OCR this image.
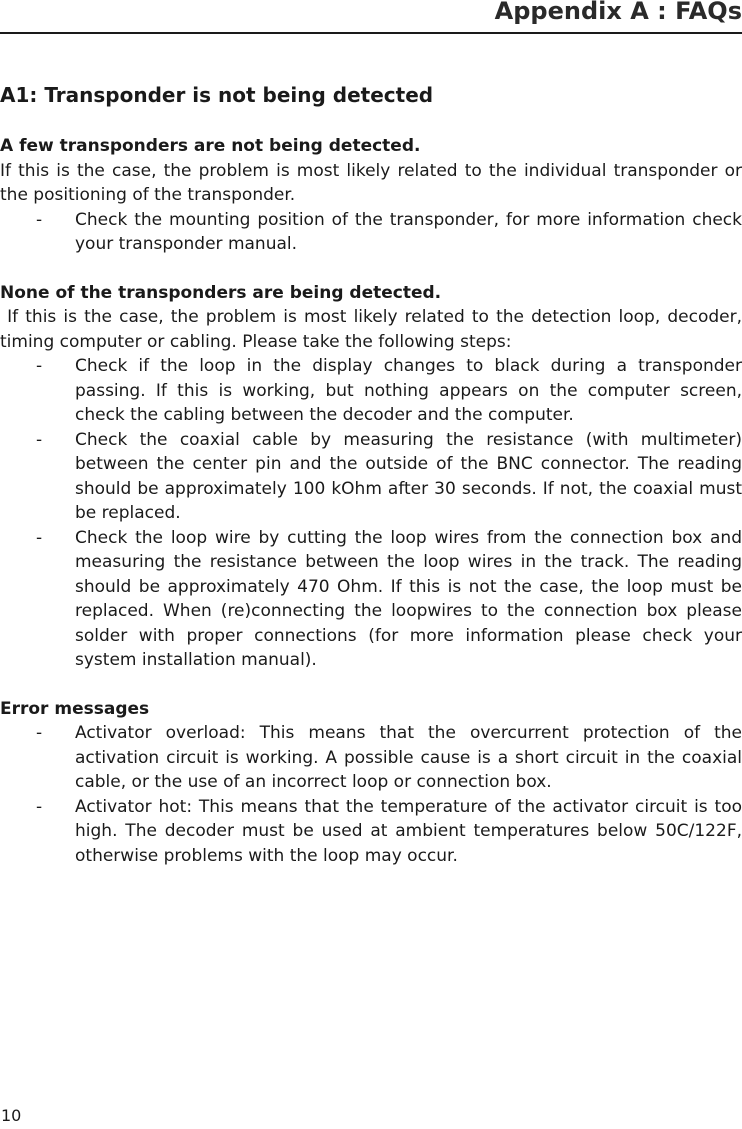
Appendix A : FAQs
A1: Transponder is not being detected
A few transponders are not being detected.

If this is the case, the problem is most likely related to the individual transponder or the positioning of the transponder.

- Check the mounting position of the transponder, for more information check your transponder manual.
None of the transponders are being detected.

If this is the case, the problem is most likely related to the detection loop, decoder, timing computer or cabling. Please take the following steps:

- Check if the loop in the display changes to black during a transponder passing. If this is working, but nothing appears on the computer screen, check the cabling between the decoder and the computer.
- Check the coaxial cable by measuring the resistance (with multimeter) between the center pin and the outside of the BNC connector. The reading should be approximately 100 kOhm after 30 seconds. If not, the coaxial must be replaced.
- Check the loop wire by cutting the loop wires from the connection box and measuring the resistance between the loop wires in the track. The reading should be approximately 470 Ohm. If this is not the case, the loop must be replaced. When (re)connecting the loopwires to the connection box please solder with proper connections (for more information please check your system installation manual).
Error messages
- Activator overload: This means that the overcurrent protection of the activation circuit is working. A possible cause is a short circuit in the coaxial cable, or the use of an incorrect loop or connection box.
- Activator hot: This means that the temperature of the activator circuit is too high. The decoder must be used at ambient temperatures below 50C/122F, otherwise problems with the loop may occur.
10
